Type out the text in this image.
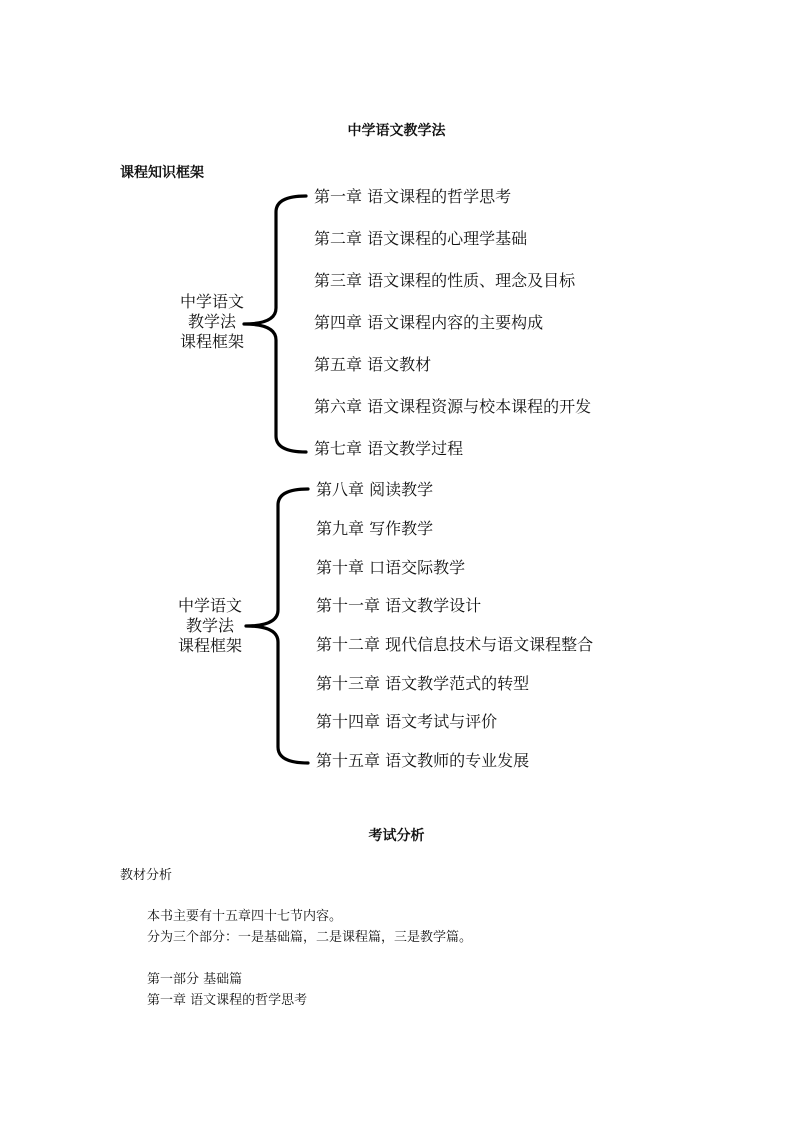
中学语文教学法
课程知识框架
中学语文
教学法
课程框架
第一章 语文课程的哲学思考
第二章 语文课程的心理学基础
第三章 语文课程的性质、理念及目标
第四章 语文课程内容的主要构成
第五章 语文教材
第六章 语文课程资源与校本课程的开发
第七章 语文教学过程
中学语文
教学法
课程框架
第八章 阅读教学
第九章 写作教学
第十章 口语交际教学
第十一章 语文教学设计
第十二章 现代信息技术与语文课程整合
第十三章 语文教学范式的转型
第十四章 语文考试与评价
第十五章 语文教师的专业发展
考试分析
教材分析
本书主要有十五章四十七节内容。
分为三个部分：一是基础篇，二是课程篇，三是教学篇。
第一部分 基础篇
第一章 语文课程的哲学思考
